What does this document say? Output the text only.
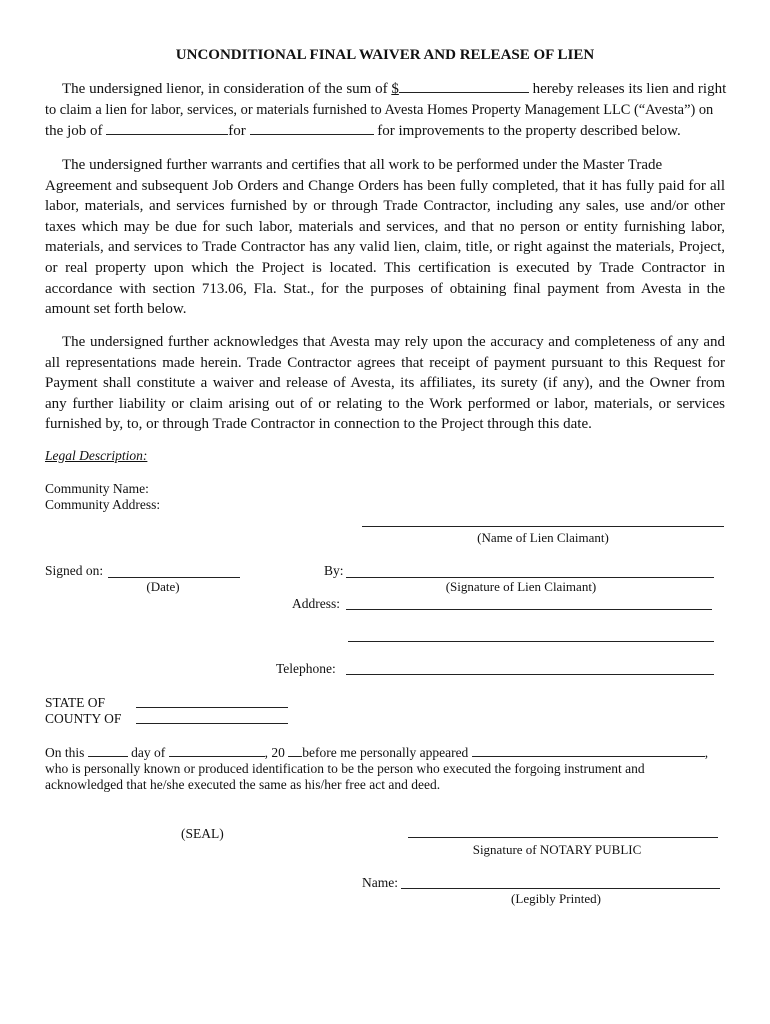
UNCONDITIONAL FINAL WAIVER AND RELEASE OF LIEN
The undersigned lienor, in consideration of the sum of $	hereby releases its lien and right
to claim a lien for labor, services, or materials furnished to Avesta Homes Property Management LLC (“Avesta”) on
the job of	for	for improvements to the property described below.
The undersigned further warrants and certifies that all work to be performed under the Master Trade
Agreement and subsequent Job Orders and Change Orders has been fully completed, that it has fully paid for all
labor, materials, and services furnished by or through Trade Contractor, including any sales, use and/or other
taxes which may be due for such labor, materials and services, and that no person or entity furnishing labor,
materials, and services to Trade Contractor has any valid lien, claim, title, or right against the materials, Project,
or real property upon which the Project is located. This certification is executed by Trade Contractor in
accordance with section 713.06, Fla. Stat., for the purposes of obtaining final payment from Avesta in the
amount set forth below.
The undersigned further acknowledges that Avesta may rely upon the accuracy and completeness of any and
all representations made herein. Trade Contractor agrees that receipt of payment pursuant to this Request for
Payment shall constitute a waiver and release of Avesta, its affiliates, its surety (if any), and the Owner from
any further liability or claim arising out of or relating to the Work performed or labor, materials, or services
furnished by, to, or through Trade Contractor in connection to the Project through this date.
Legal Description:
Community Name:
Community Address:
(Name of Lien Claimant)
Signed on:
(Date)
By:
(Signature of Lien Claimant)
Address:
Telephone:
STATE OF
COUNTY OF
On this	day of	, 20 before me personally appeared	,
who is personally known or produced identification to be the person who executed the forgoing instrument and
acknowledged that he/she executed the same as his/her free act and deed.
(SEAL)
Signature of NOTARY PUBLIC
Name:
(Legibly Printed)
